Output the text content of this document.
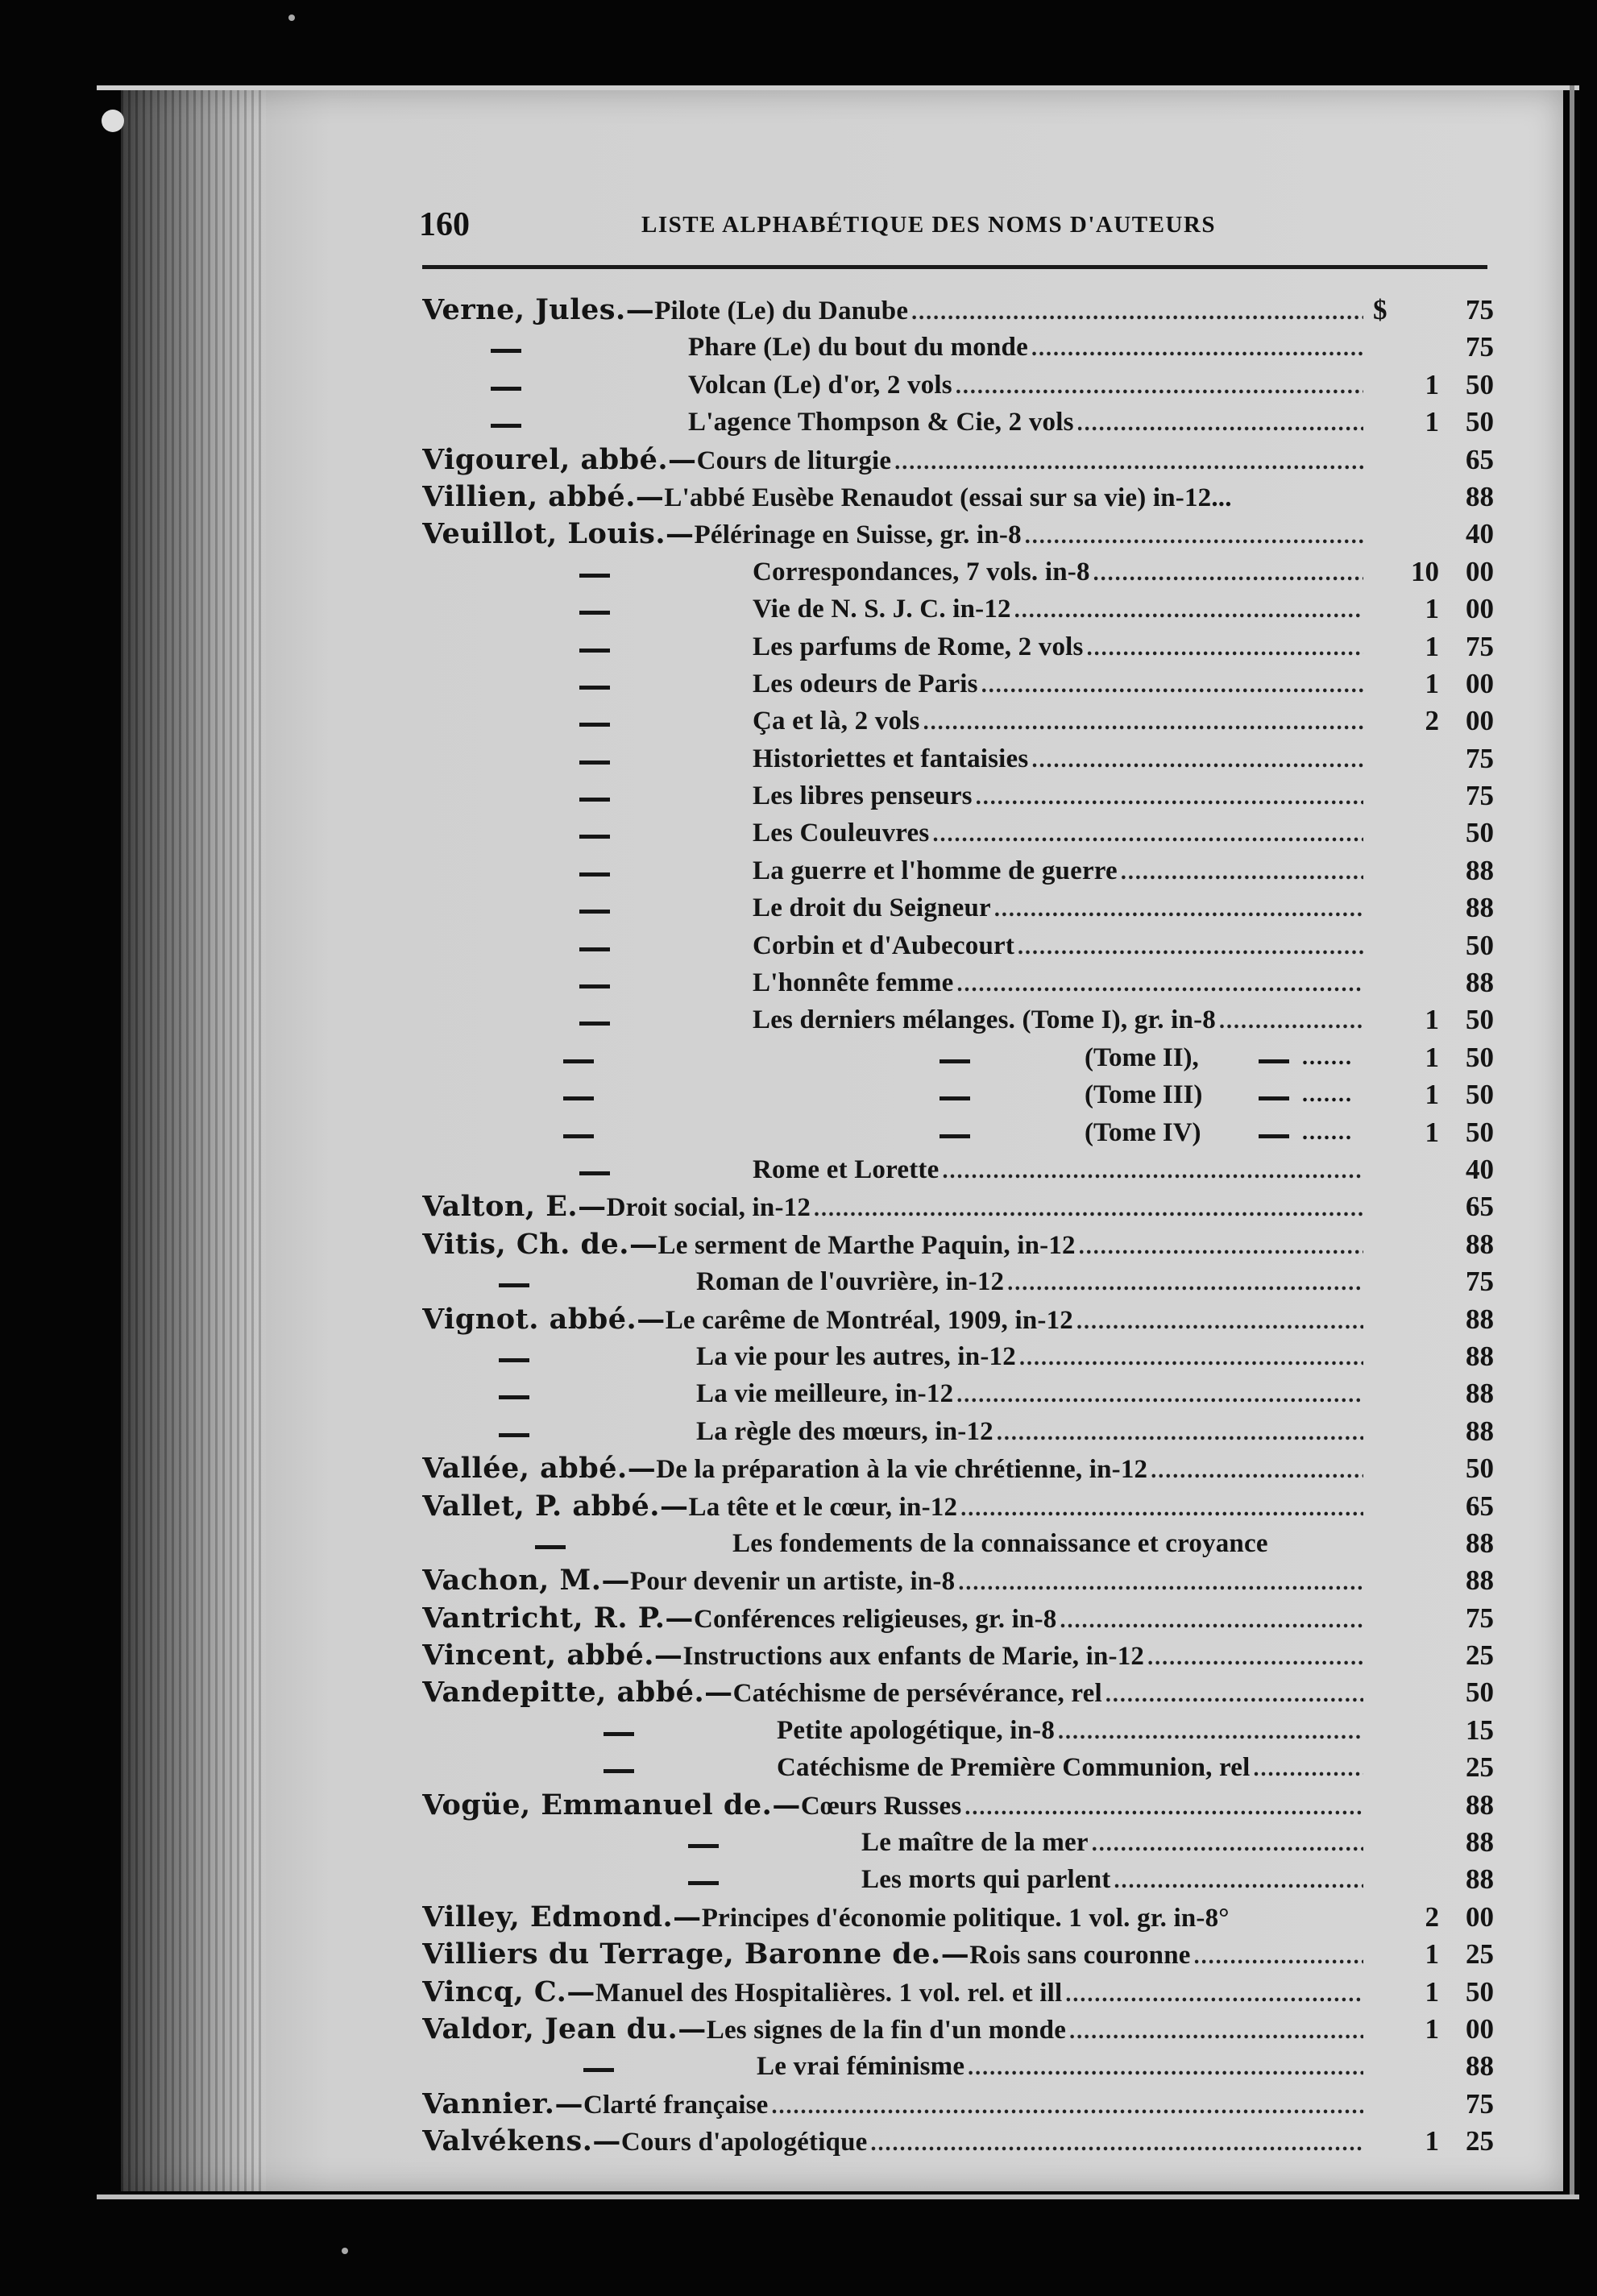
160	LISTE ALPHABÉTIQUE DES NOMS D'AUTEURS
Verne, Jules.— Pilote (Le) du Danube .....	$	75
Phare (Le) du bout du monde .....	75
Volcan (Le) d'or, 2 vols .....	1 50
L'agence Thompson & Cie, 2 vols .....	1 50
Vigourel, abbé.— Cours de liturgie .....	65
Villien, abbé.— L'abbé Eusèbe Renaudot (essai sur sa vie) in-12...	88
Veuillot, Louis.— Pélérinage en Suisse, gr. in-8 .....	40
Correspondances, 7 vols. in-8 .....	10 00
Vie de N. S. J. C. in-12 .....	1 00
Les parfums de Rome, 2 vols .....	1 75
Les odeurs de Paris .....	1 00
Ça et là, 2 vols .....	2 00
Historiettes et fantaisies .....	75
Les libres penseurs .....	75
Les Couleuvres .....	50
La guerre et l'homme de guerre .....	88
Le droit du Seigneur .....	88
Corbin et d'Aubecourt .....	50
L'honnête femme .....	88
Les derniers mélanges. (Tome I), gr. in-8 .....	1 50
(Tome II),	.......	1 50
(Tome III)	.......	1 50
(Tome IV)	.......	1 50
Rome et Lorette .....	40
Valton, E.— Droit social, in-12 .....	65
Vitis, Ch. de.— Le serment de Marthe Paquin, in-12 .....	88
Roman de l'ouvrière, in-12 .....	75
Vignot. abbé.— Le carême de Montréal, 1909, in-12 .....	88
La vie pour les autres, in-12 .....	88
La vie meilleure, in-12 .....	88
La règle des mœurs, in-12 .....	88
Vallée, abbé.— De la préparation à la vie chrétienne, in-12 .....	50
Vallet, P. abbé.— La tête et le cœur, in-12 .....	65
Les fondements de la connaissance et croyance	88
Vachon, M.— Pour devenir un artiste, in-8 .....	88
Vantricht, R. P.— Conférences religieuses, gr. in-8 .....	75
Vincent, abbé.— Instructions aux enfants de Marie, in-12 .....	25
Vandepitte, abbé.— Catéchisme de persévérance, rel .....	50
Petite apologétique, in-8 .....	15
Catéchisme de Première Communion, rel .....	25
Vogüe, Emmanuel de.— Cœurs Russes .....	88
Le maître de la mer .....	88
Les morts qui parlent .....	88
Villey, Edmond.— Principes d'économie politique. 1 vol. gr. in-8°	2 00
Villiers du Terrage, Baronne de.— Rois sans couronne .....	1 25
Vincq, C.— Manuel des Hospitalières. 1 vol. rel. et ill .....	1 50
Valdor, Jean du.— Les signes de la fin d'un monde .....	1 00
Le vrai féminisme .....	88
Vannier.— Clarté française .....	75
Valvékens.— Cours d'apologétique .....	1 25
